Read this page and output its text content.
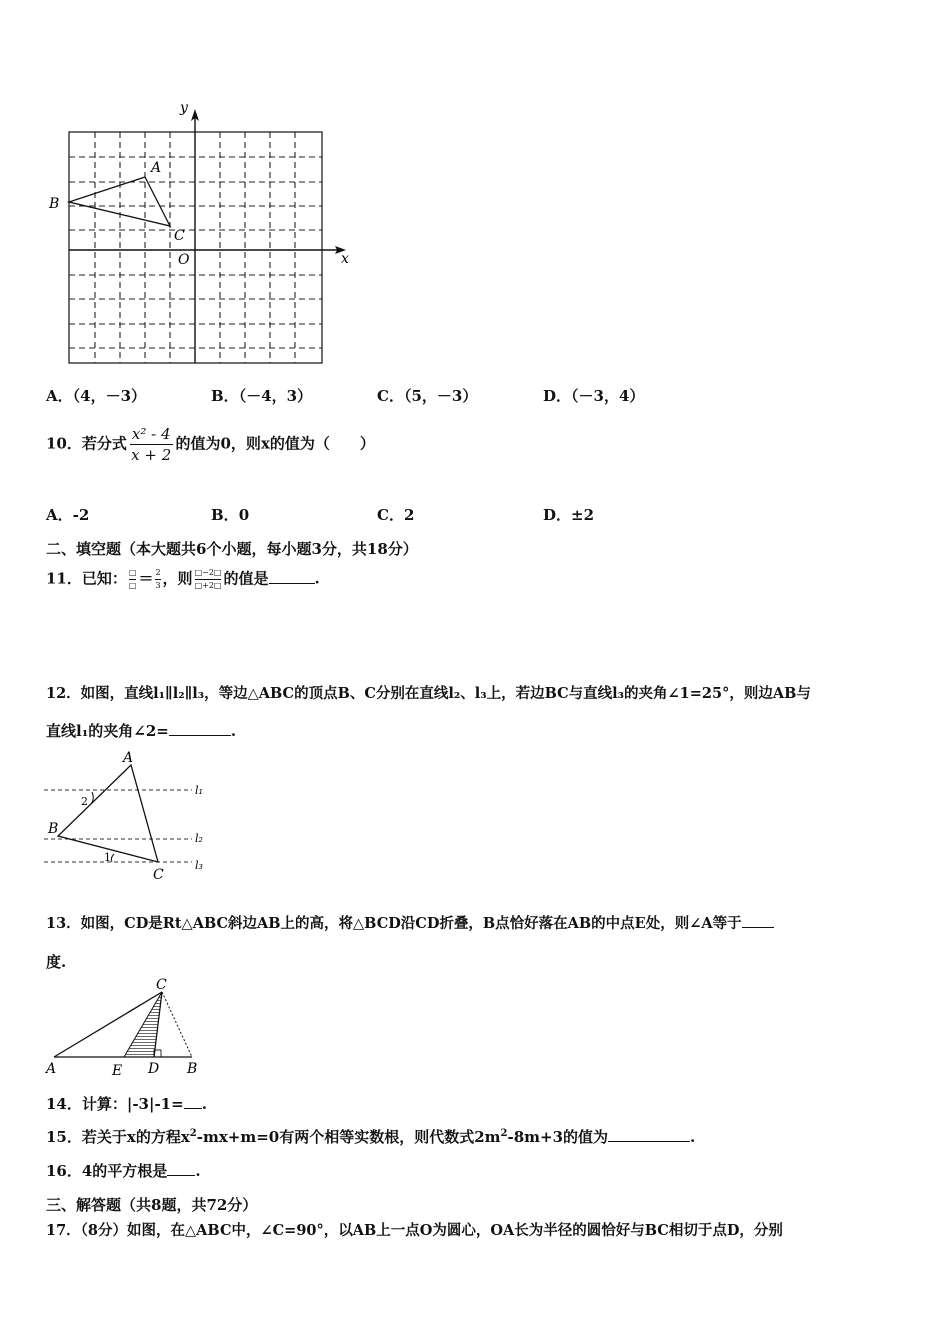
y
x
O
A
B
C
A．（4，－3）	B．（－4，3）	C．（5，－3）	D．（－3，4）
10．若分式 $\frac{\text{x² - 4}}{x + 2}$ 的值为0，则x的值为（　　）
A．-2	B．0	C．2	D．±2
二、填空题（本大题共6个小题，每小题3分，共18分）
11．已知： $\frac{□}{□} = \frac{2}{3}$ ，则 $\frac{□-2□}{□+2□}$ 的值是	.
12．如图，直线l₁∥l₂∥l₃，等边△ABC的顶点B、C分别在直线l₂、l₃上，若边BC与直线l₃的夹角∠1=25°，则边AB与
直线l₁的夹角∠2=	.
A
B
C
l₁
l₂
l₃
2
1
13．如图，CD是Rt△ABC斜边AB上的高，将△BCD沿CD折叠，B点恰好落在AB的中点E处，则∠A等于
度.
C
A	E D B
14．计算：|-3|-1= .
15．若关于x的方程$x^2-mx+m=0$有两个相等实数根，则代数式$2m^2-8m+3$的值为	.
16．4的平方根是 .
三、解答题（共8题，共72分）
17．（8分）如图，在△ABC中，∠C=90°，以AB上一点O为圆心，OA长为半径的圆恰好与BC相切于点D，分别
